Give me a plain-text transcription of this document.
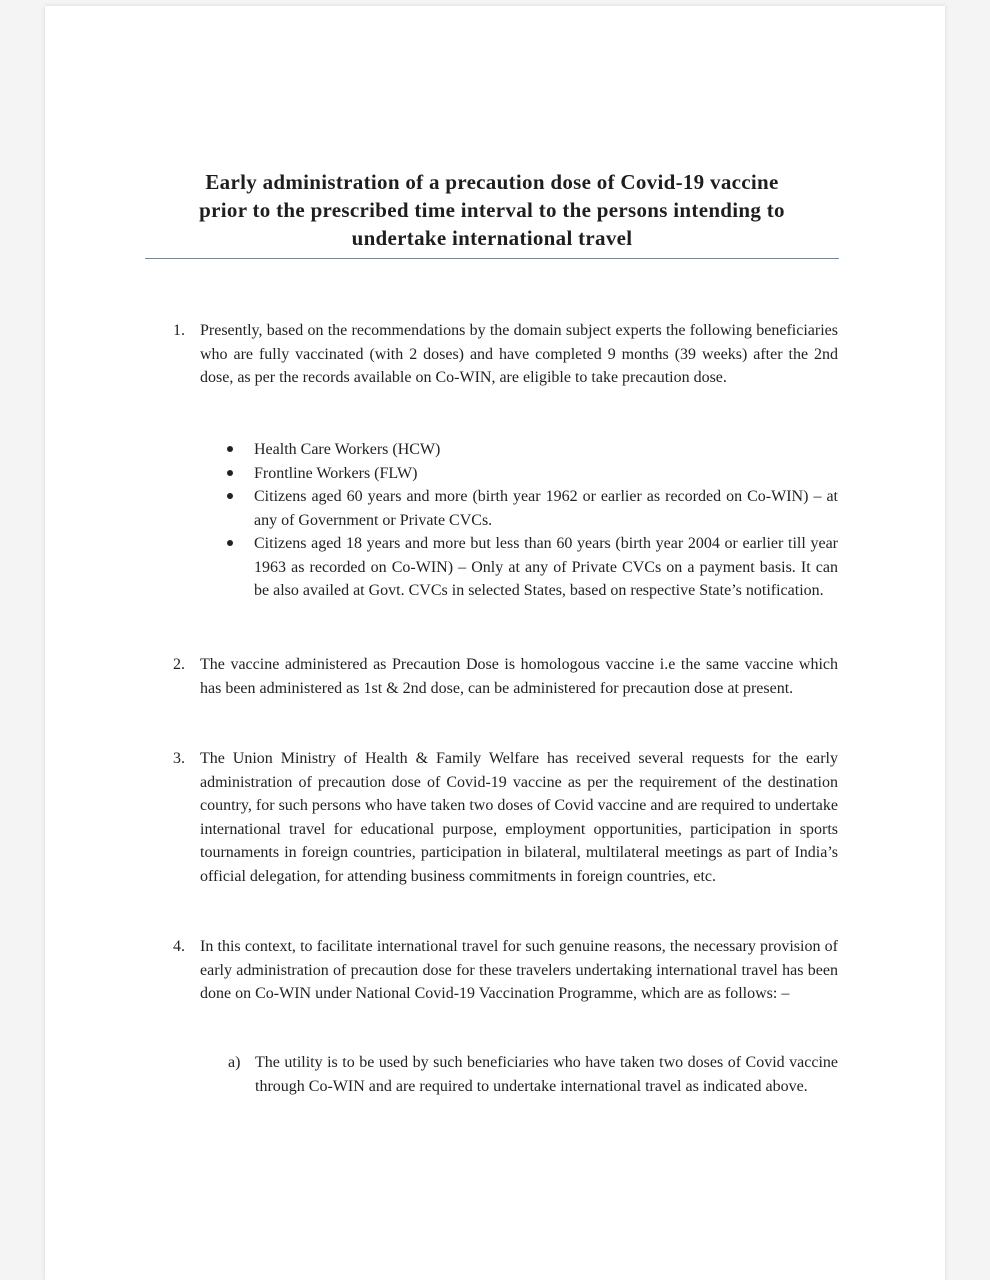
Early administration of a precaution dose of Covid-19 vaccine
prior to the prescribed time interval to the persons intending to
undertake international travel
1. Presently, based on the recommendations by the domain subject experts the following beneficiaries who are fully vaccinated (with 2 doses) and have completed 9 months (39 weeks) after the 2nd dose, as per the records available on Co-WIN, are eligible to take precaution dose.
Health Care Workers (HCW)
Frontline Workers (FLW)
Citizens aged 60 years and more (birth year 1962 or earlier as recorded on Co-WIN) – at any of Government or Private CVCs.
Citizens aged 18 years and more but less than 60 years (birth year 2004 or earlier till year 1963 as recorded on Co-WIN) – Only at any of Private CVCs on a payment basis. It can be also availed at Govt. CVCs in selected States, based on respective State’s notification.
2. The vaccine administered as Precaution Dose is homologous vaccine i.e the same vaccine which has been administered as 1st & 2nd dose, can be administered for precaution dose at present.
3. The Union Ministry of Health & Family Welfare has received several requests for the early administration of precaution dose of Covid-19 vaccine as per the requirement of the destination country, for such persons who have taken two doses of Covid vaccine and are required to undertake international travel for educational purpose, employment opportunities, participation in sports tournaments in foreign countries, participation in bilateral, multilateral meetings as part of India’s official delegation, for attending business commitments in foreign countries, etc.
4. In this context, to facilitate international travel for such genuine reasons, the necessary provision of early administration of precaution dose for these travelers undertaking international travel has been done on Co-WIN under National Covid-19 Vaccination Programme, which are as follows: –
a) The utility is to be used by such beneficiaries who have taken two doses of Covid vaccine through Co-WIN and are required to undertake international travel as indicated above.
